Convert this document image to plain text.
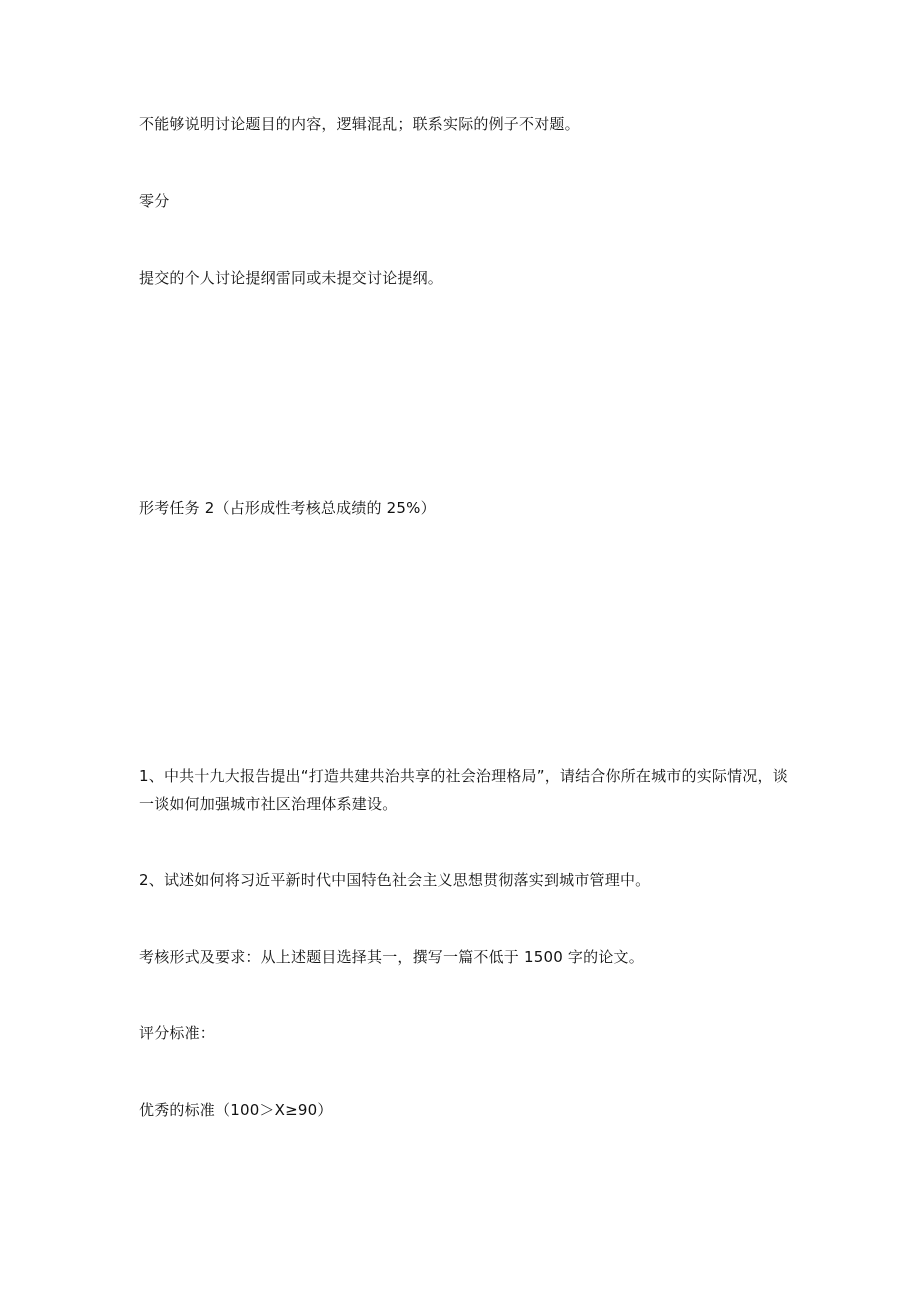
不能够说明讨论题目的内容，逻辑混乱；联系实际的例子不对题。

零分

提交的个人讨论提纲雷同或未提交讨论提纲。

形考任务 2（占形成性考核总成绩的 25%）

1、中共十九大报告提出“打造共建共治共享的社会治理格局”，请结合你所在城市的实际情况，谈一谈如何加强城市社区治理体系建设。

2、试述如何将习近平新时代中国特色社会主义思想贯彻落实到城市管理中。

考核形式及要求：从上述题目选择其一，撰写一篇不低于 1500 字的论文。

评分标准：

优秀的标准（100＞X≥90）
